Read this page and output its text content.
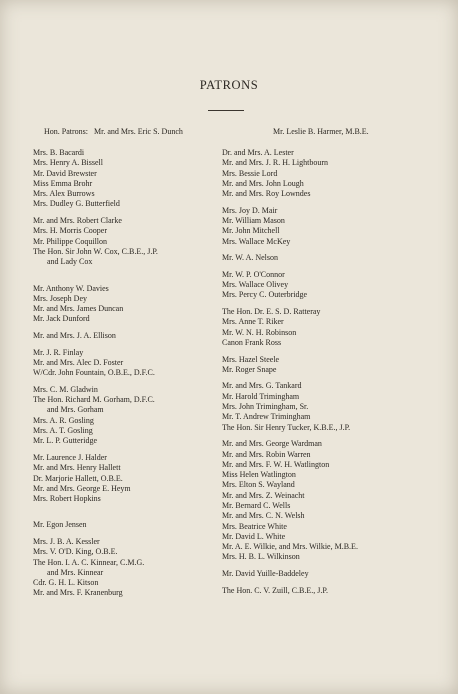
PATRONS
Hon. Patrons: Mr. and Mrs. Eric S. Dunch	Mr. Leslie B. Harmer, M.B.E.
Mrs. B. Bacardi
Mrs. Henry A. Bissell
Mr. David Brewster
Miss Emma Brohr
Mrs. Alex Burrows
Mrs. Dudley G. Butterfield
Mr. and Mrs. Robert Clarke
Mrs. H. Morris Cooper
Mr. Philippe Coquillon
The Hon. Sir John W. Cox, C.B.E., J.P.
and Lady Cox
Mr. Anthony W. Davies
Mrs. Joseph Dey
Mr. and Mrs. James Duncan
Mr. Jack Dunford
Mr. and Mrs. J. A. Ellison
Mr. J. R. Finlay
Mr. and Mrs. Alec D. Foster
W/Cdr. John Fountain, O.B.E., D.F.C.
Mrs. C. M. Gladwin
The Hon. Richard M. Gorham, D.F.C.
and Mrs. Gorham
Mrs. A. R. Gosling
Mrs. A. T. Gosling
Mr. L. P. Gutteridge
Mr. Laurence J. Halder
Mr. and Mrs. Henry Hallett
Dr. Marjorie Hallett, O.B.E.
Mr. and Mrs. George E. Heym
Mrs. Robert Hopkins
Mr. Egon Jensen
Mrs. J. B. A. Kessler
Mrs. V. O'D. King, O.B.E.
The Hon. I. A. C. Kinnear, C.M.G.
and Mrs. Kinnear
Cdr. G. H. L. Kitson
Mr. and Mrs. F. Kranenburg
Dr. and Mrs. A. Lester
Mr. and Mrs. J. R. H. Lightbourn
Mrs. Bessie Lord
Mr. and Mrs. John Lough
Mr. and Mrs. Roy Lowndes
Mrs. Joy D. Mair
Mr. William Mason
Mr. John Mitchell
Mrs. Wallace McKey
Mr. W. A. Nelson
Mr. W. P. O'Connor
Mrs. Wallace Olivey
Mrs. Percy C. Outerbridge
The Hon. Dr. E. S. D. Ratteray
Mrs. Anne T. Riker
Mr. W. N. H. Robinson
Canon Frank Ross
Mrs. Hazel Steele
Mr. Roger Snape
Mr. and Mrs. G. Tankard
Mr. Harold Trimingham
Mrs. John Trimingham, Sr.
Mr. T. Andrew Trimingham
The Hon. Sir Henry Tucker, K.B.E., J.P.
Mr. and Mrs. George Wardman
Mr. and Mrs. Robin Warren
Mr. and Mrs. F. W. H. Watlington
Miss Helen Watlington
Mrs. Elton S. Wayland
Mr. and Mrs. Z. Weinacht
Mr. Bernard C. Wells
Mr. and Mrs. C. N. Welsh
Mrs. Beatrice White
Mr. David L. White
Mr. A. E. Wilkie, and Mrs. Wilkie, M.B.E.
Mrs. H. B. L. Wilkinson
Mr. David Yuille-Baddeley
The Hon. C. V. Zuill, C.B.E., J.P.
